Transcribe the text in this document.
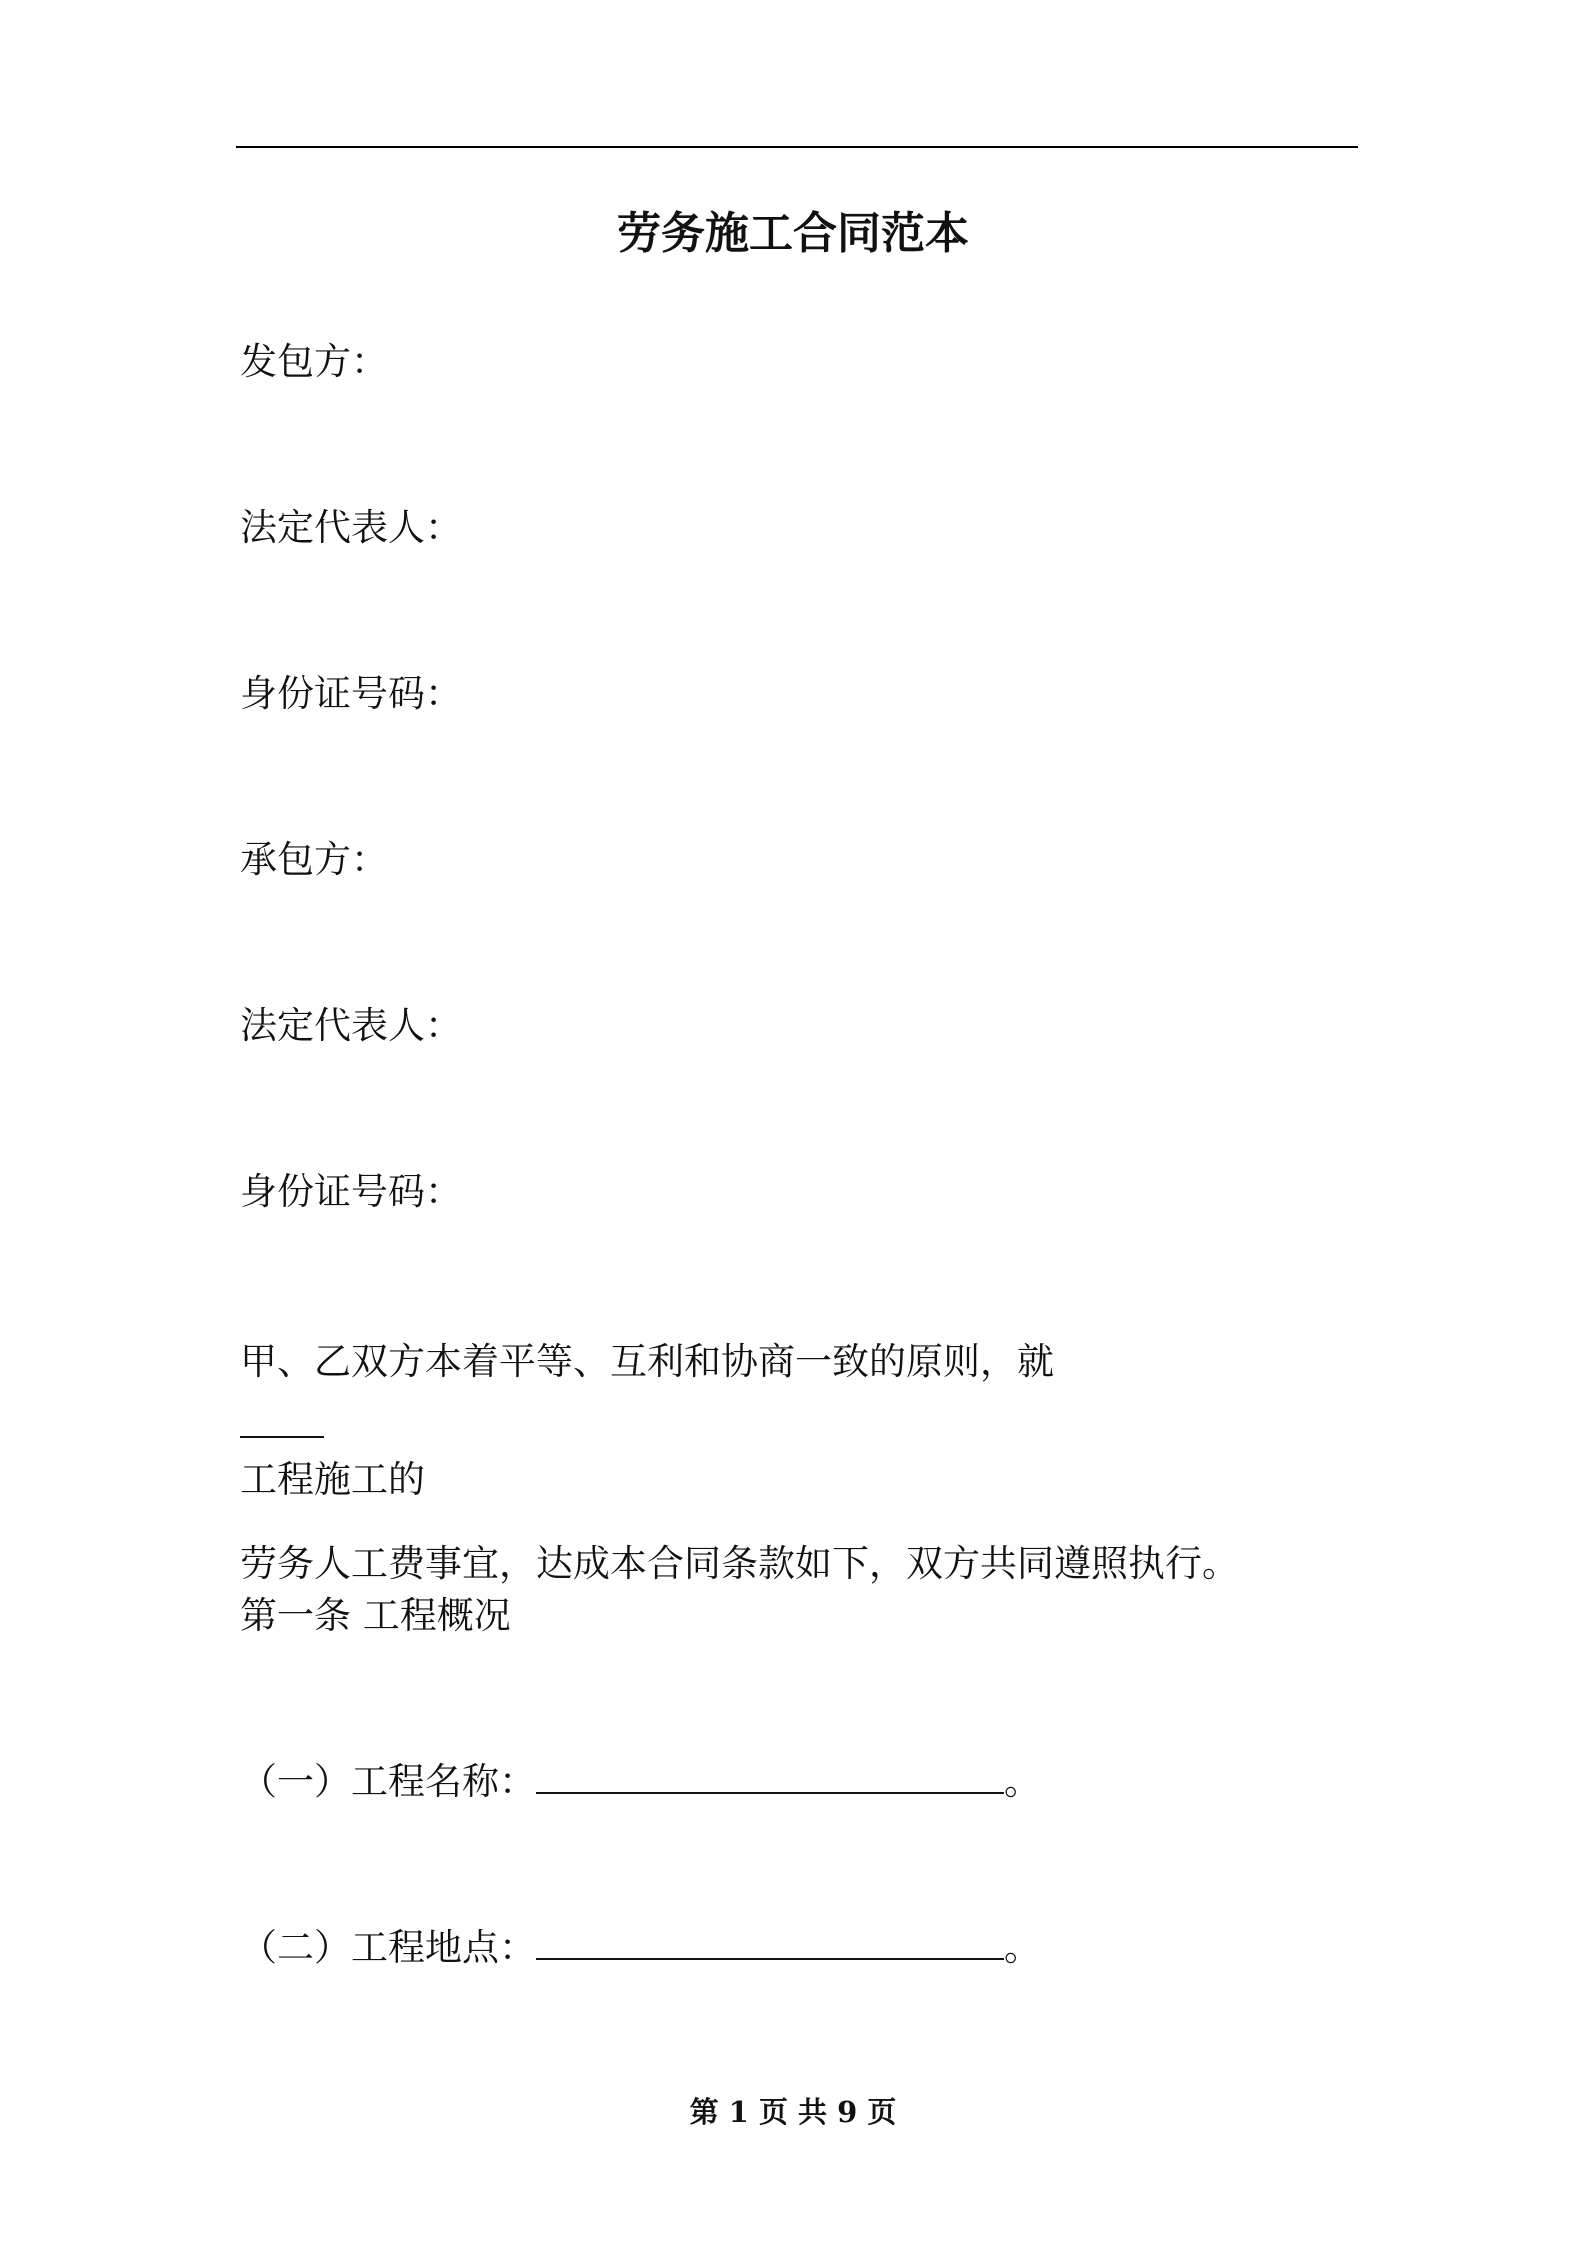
劳务施工合同范本
发包方：
法定代表人：
身份证号码：
承包方：
法定代表人：
身份证号码：
甲、乙双方本着平等、互利和协商一致的原则，就
工程施工的
劳务人工费事宜，达成本合同条款如下，双方共同遵照执行。
第一条 工程概况
（一）工程名称：	。
（二）工程地点：	。
第 1 页 共 9 页
